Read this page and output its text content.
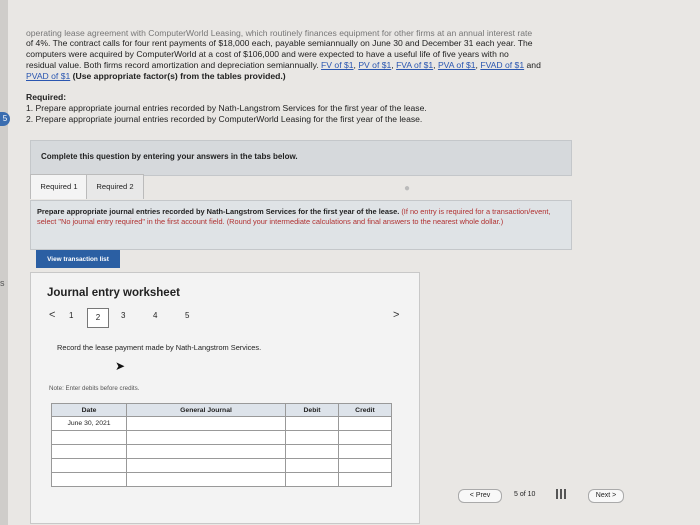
5
s
operating lease agreement with ComputerWorld Leasing, which routinely finances equipment for other firms at an annual interest rate
of 4%. The contract calls for four rent payments of $18,000 each, payable semiannually on June 30 and December 31 each year. The
computers were acquired by ComputerWorld at a cost of $106,000 and were expected to have a useful life of five years with no
residual value. Both firms record amortization and depreciation semiannually. FV of $1, PV of $1, FVA of $1, PVA of $1, FVAD of $1 and
PVAD of $1 (Use appropriate factor(s) from the tables provided.)
Required:
1. Prepare appropriate journal entries recorded by Nath-Langstrom Services for the first year of the lease.
2. Prepare appropriate journal entries recorded by ComputerWorld Leasing for the first year of the lease.
Complete this question by entering your answers in the tabs below.
Required 1	Required 2	●

Prepare appropriate journal entries recorded by Nath-Langstrom Services for the first year of the lease. (If no entry is required for a transaction/event, select "No journal entry required" in the first account field. (Round your intermediate calculations and final answers to the nearest whole dollar.)

View transaction list
Journal entry worksheet
< 1	2	3	4	5	>
Record the lease payment made by Nath-Langstrom Services.
➤
Note: Enter debits before credits.
Date	General Journal	Debit	Credit
June 30, 2021			

< Prev	5 of 10	Next >
